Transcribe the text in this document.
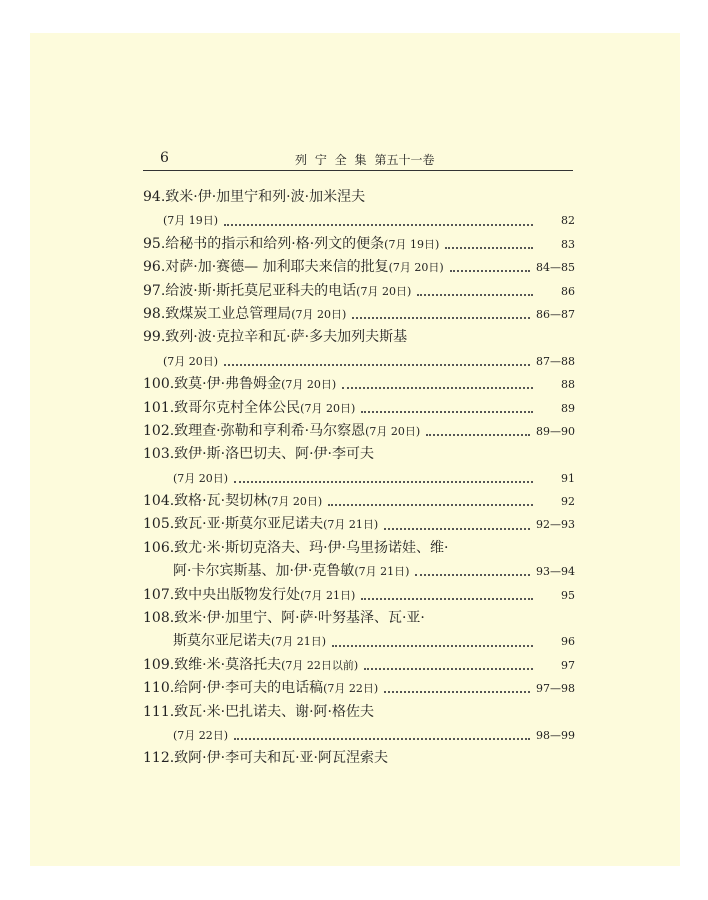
6	列 宁 全 集 第五十一卷
94.致米·伊·加里宁和列·波·加米涅夫
(7月 19日)	82
95.给秘书的指示和给列·格·列文的便条 (7月 19日)	83
96.对萨·加·赛德— 加利耶夫来信的批复 (7月 20日)	84—85
97.给波·斯·斯托莫尼亚科夫的电话 (7月 20日)	86
98.致煤炭工业总管理局 (7月 20日)	86—87
99.致列·波·克拉辛和瓦·萨·多夫加列夫斯基
(7月 20日)	87—88
100.致莫·伊·弗鲁姆金 (7月 20日)	88
101.致哥尔克村全体公民 (7月 20日)	89
102.致理查·弥勒和亨利希·马尔察恩 (7月 20日)	89—90
103.致伊·斯·洛巴切夫、阿·伊·李可夫
(7月 20日)	91
104.致格·瓦·契切林 (7月 20日)	92
105.致瓦·亚·斯莫尔亚尼诺夫 (7月 21日)	92—93
106.致尤·米·斯切克洛夫、玛·伊·乌里扬诺娃、维·
阿·卡尔宾斯基、加·伊·克鲁敏 (7月 21日)	93—94
107.致中央出版物发行处 (7月 21日)	95
108.致米·伊·加里宁、阿·萨·叶努基泽、瓦·亚·
斯莫尔亚尼诺夫 (7月 21日)	96
109.致维·米·莫洛托夫 (7月 22日以前)	97
110.给阿·伊·李可夫的电话稿 (7月 22日)	97—98
111.致瓦·米·巴扎诺夫、谢·阿·格佐夫
(7月 22日)	98—99
112.致阿·伊·李可夫和瓦·亚·阿瓦涅索夫
